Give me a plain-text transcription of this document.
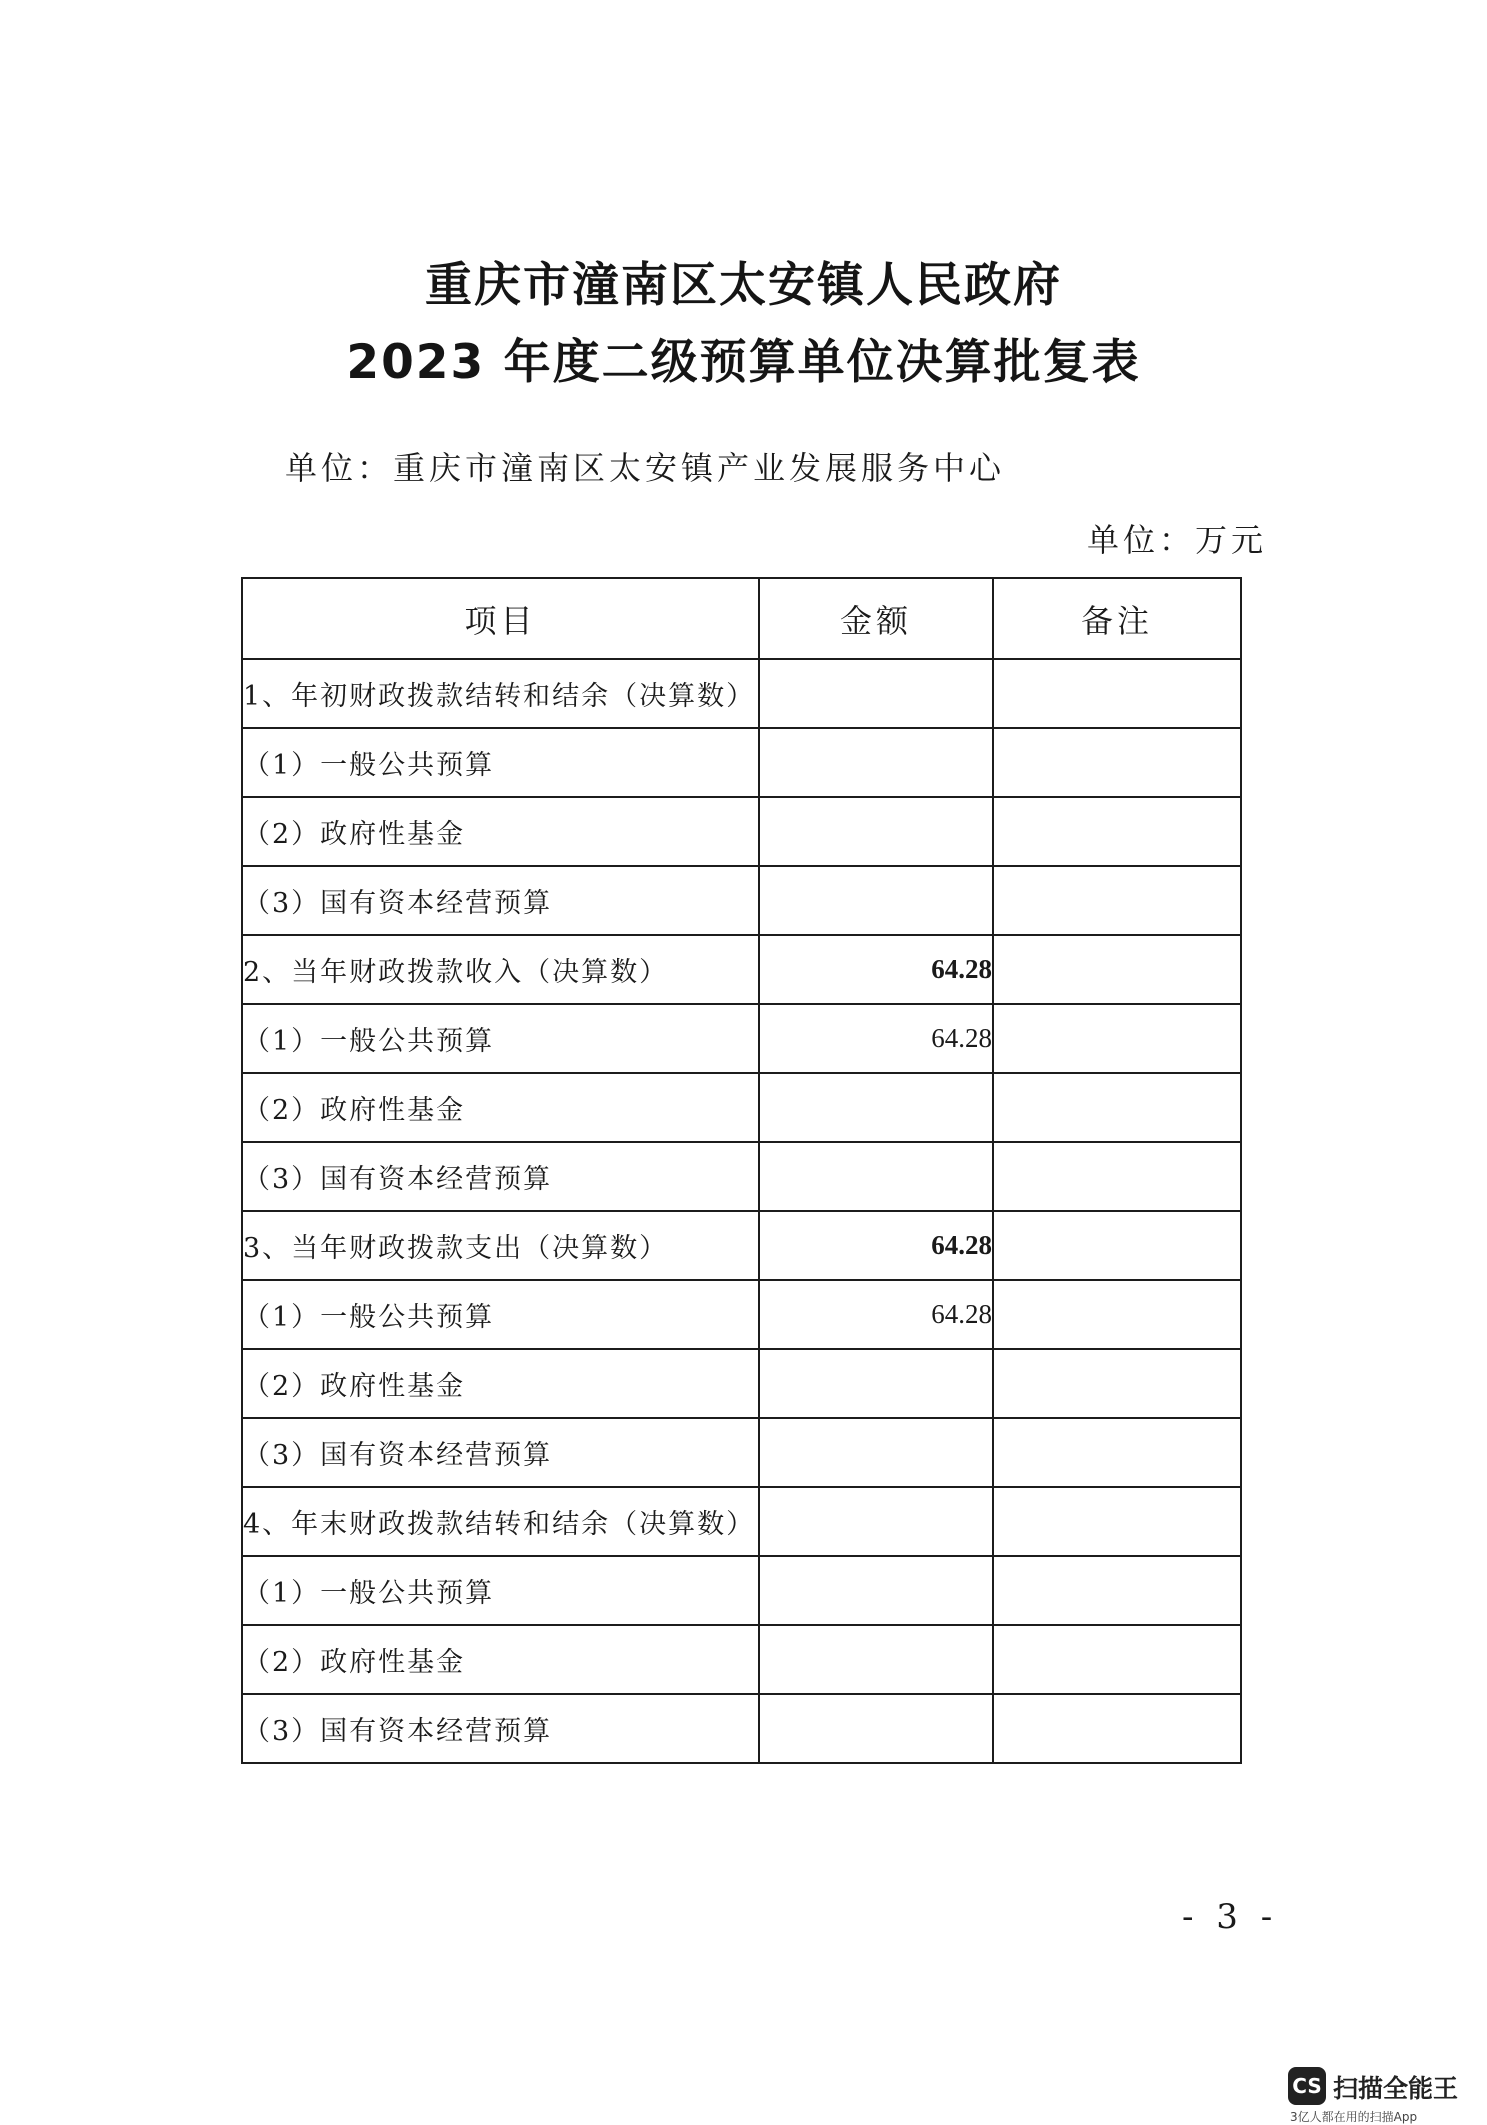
重庆市潼南区太安镇人民政府
2023 年度二级预算单位决算批复表
单位：重庆市潼南区太安镇产业发展服务中心
单位：万元
项目	金额	备注
1、年初财政拨款结转和结余（决算数）		
（1）一般公共预算		
（2）政府性基金		
（3）国有资本经营预算		
2、当年财政拨款收入（决算数）	64.28	
（1）一般公共预算	64.28	
（2）政府性基金		
（3）国有资本经营预算		
3、当年财政拨款支出（决算数）	64.28	
（1）一般公共预算	64.28	
（2）政府性基金		
（3）国有资本经营预算		
4、年末财政拨款结转和结余（决算数）		
（1）一般公共预算		
（2）政府性基金		
（3）国有资本经营预算		
- 3 -
CS 扫描全能王
3亿人都在用的扫描App
